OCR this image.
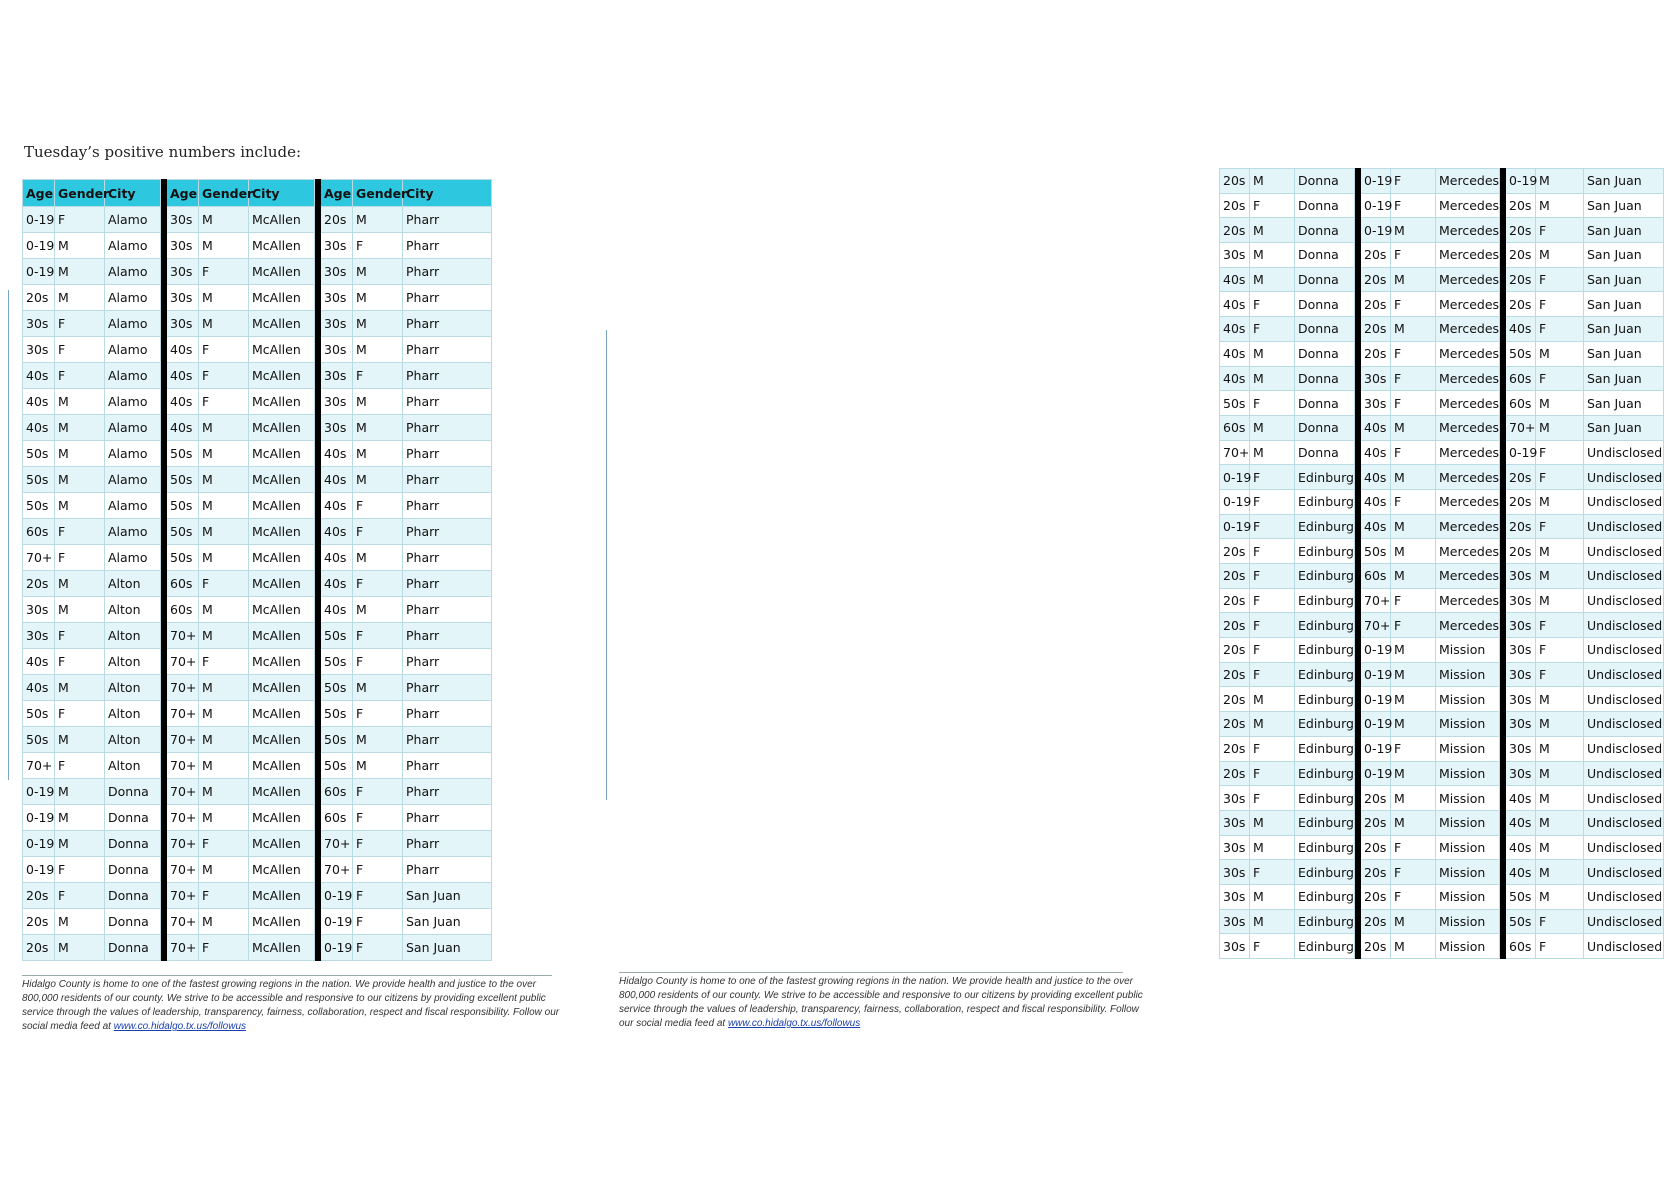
Tuesday’s positive numbers include:
Age	Gender	City		Age	Gender	City		Age	Gender	City
0-19	F	Alamo		30s	M	McAllen		20s	M	Pharr
0-19	M	Alamo		30s	M	McAllen		30s	F	Pharr
0-19	M	Alamo		30s	F	McAllen		30s	M	Pharr
20s	M	Alamo		30s	M	McAllen		30s	M	Pharr
30s	F	Alamo		30s	M	McAllen		30s	M	Pharr
30s	F	Alamo		40s	F	McAllen		30s	M	Pharr
40s	F	Alamo		40s	F	McAllen		30s	F	Pharr
40s	M	Alamo		40s	F	McAllen		30s	M	Pharr
40s	M	Alamo		40s	M	McAllen		30s	M	Pharr
50s	M	Alamo		50s	M	McAllen		40s	M	Pharr
50s	M	Alamo		50s	M	McAllen		40s	M	Pharr
50s	M	Alamo		50s	M	McAllen		40s	F	Pharr
60s	F	Alamo		50s	M	McAllen		40s	F	Pharr
70+	F	Alamo		50s	M	McAllen		40s	M	Pharr
20s	M	Alton		60s	F	McAllen		40s	F	Pharr
30s	M	Alton		60s	M	McAllen		40s	M	Pharr
30s	F	Alton		70+	M	McAllen		50s	F	Pharr
40s	F	Alton		70+	F	McAllen		50s	F	Pharr
40s	M	Alton		70+	M	McAllen		50s	M	Pharr
50s	F	Alton		70+	M	McAllen		50s	F	Pharr
50s	M	Alton		70+	M	McAllen		50s	M	Pharr
70+	F	Alton		70+	M	McAllen		50s	M	Pharr
0-19	M	Donna		70+	M	McAllen		60s	F	Pharr
0-19	M	Donna		70+	M	McAllen		60s	F	Pharr
0-19	M	Donna		70+	F	McAllen		70+	F	Pharr
0-19	F	Donna		70+	M	McAllen		70+	F	Pharr
20s	F	Donna		70+	F	McAllen		0-19	F	San Juan
20s	M	Donna		70+	M	McAllen		0-19	F	San Juan
20s	M	Donna		70+	F	McAllen		0-19	F	San Juan
Hidalgo County is home to one of the fastest growing regions in the nation. We provide health and justice to the over 800,000 residents of our county. We strive to be accessible and responsive to our citizens by providing excellent public service through the values of leadership, transparency, fairness, collaboration, respect and fiscal responsibility. Follow our social media feed at www.co.hidalgo.tx.us/followus
20s	M	Donna		0-19	F	Mercedes		0-19	M	San Juan
20s	F	Donna		0-19	F	Mercedes		20s	M	San Juan
20s	M	Donna		0-19	M	Mercedes		20s	F	San Juan
30s	M	Donna		20s	F	Mercedes		20s	M	San Juan
40s	M	Donna		20s	M	Mercedes		20s	F	San Juan
40s	F	Donna		20s	F	Mercedes		20s	F	San Juan
40s	F	Donna		20s	M	Mercedes		40s	F	San Juan
40s	M	Donna		20s	F	Mercedes		50s	M	San Juan
40s	M	Donna		30s	F	Mercedes		60s	F	San Juan
50s	F	Donna		30s	F	Mercedes		60s	M	San Juan
60s	M	Donna		40s	M	Mercedes		70+	M	San Juan
70+	M	Donna		40s	F	Mercedes		0-19	F	Undisclosed
0-19	F	Edinburg		40s	M	Mercedes		20s	F	Undisclosed
0-19	F	Edinburg		40s	F	Mercedes		20s	M	Undisclosed
0-19	F	Edinburg		40s	M	Mercedes		20s	F	Undisclosed
20s	F	Edinburg		50s	M	Mercedes		20s	M	Undisclosed
20s	F	Edinburg		60s	M	Mercedes		30s	M	Undisclosed
20s	F	Edinburg		70+	F	Mercedes		30s	M	Undisclosed
20s	F	Edinburg		70+	F	Mercedes		30s	F	Undisclosed
20s	F	Edinburg		0-19	M	Mission		30s	F	Undisclosed
20s	F	Edinburg		0-19	M	Mission		30s	F	Undisclosed
20s	M	Edinburg		0-19	M	Mission		30s	M	Undisclosed
20s	M	Edinburg		0-19	M	Mission		30s	M	Undisclosed
20s	F	Edinburg		0-19	F	Mission		30s	M	Undisclosed
20s	F	Edinburg		0-19	M	Mission		30s	M	Undisclosed
30s	F	Edinburg		20s	M	Mission		40s	M	Undisclosed
30s	M	Edinburg		20s	M	Mission		40s	M	Undisclosed
30s	M	Edinburg		20s	F	Mission		40s	M	Undisclosed
30s	F	Edinburg		20s	F	Mission		40s	M	Undisclosed
30s	M	Edinburg		20s	F	Mission		50s	M	Undisclosed
30s	M	Edinburg		20s	M	Mission		50s	F	Undisclosed
30s	F	Edinburg		20s	M	Mission		60s	F	Undisclosed
Hidalgo County is home to one of the fastest growing regions in the nation. We provide health and justice to the over 800,000 residents of our county. We strive to be accessible and responsive to our citizens by providing excellent public service through the values of leadership, transparency, fairness, collaboration, respect and fiscal responsibility. Follow our social media feed at www.co.hidalgo.tx.us/followus
